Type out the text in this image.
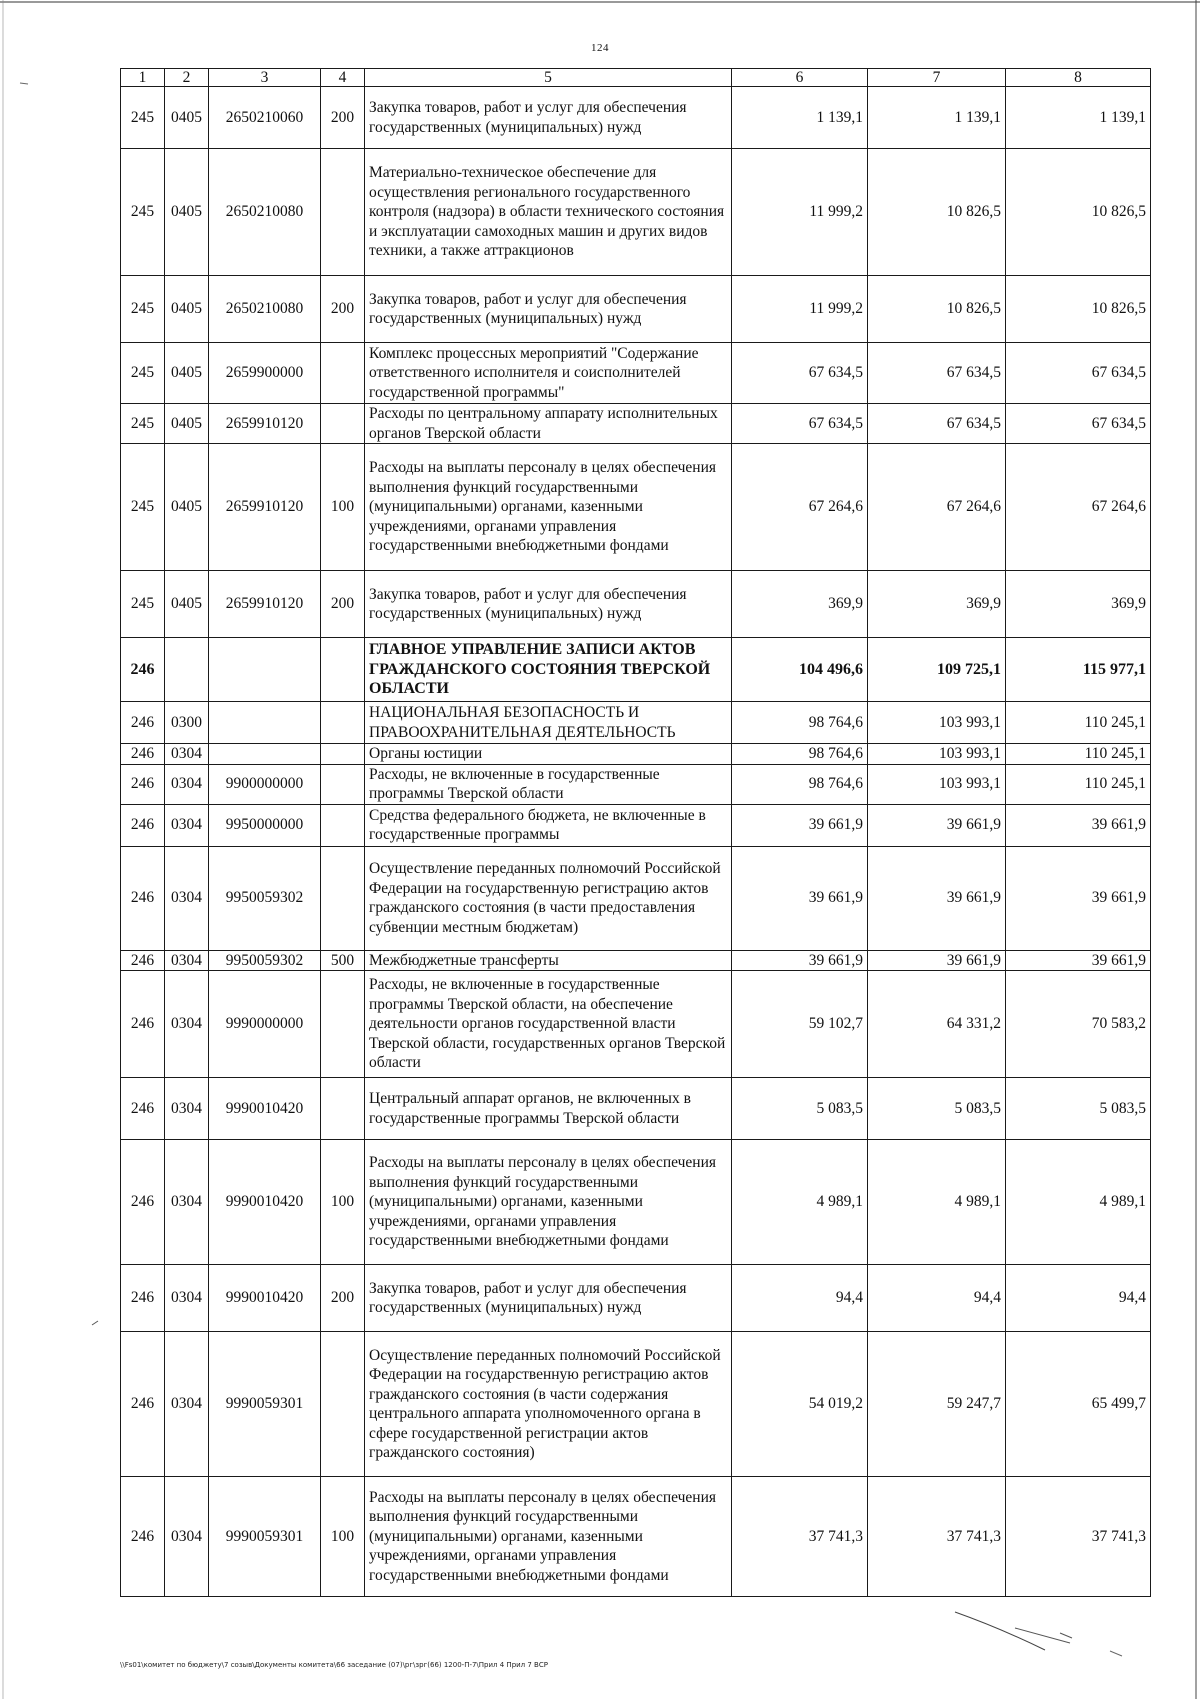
124
1	2	3	4	5	6	7	8
245	0405	2650210060	200	Закупка товаров, работ и услуг для обеспечения государственных (муниципальных) нужд	1 139,1	1 139,1	1 139,1
245	0405	2650210080		Материально-техническое обеспечение для осуществления регионального государственного контроля (надзора) в области технического состояния и эксплуатации самоходных машин и других видов техники, а также аттракционов	11 999,2	10 826,5	10 826,5
245	0405	2650210080	200	Закупка товаров, работ и услуг для обеспечения государственных (муниципальных) нужд	11 999,2	10 826,5	10 826,5
245	0405	2659900000		Комплекс процессных мероприятий "Содержание ответственного исполнителя и соисполнителей государственной программы"	67 634,5	67 634,5	67 634,5
245	0405	2659910120		Расходы по центральному аппарату исполнительных органов Тверской области	67 634,5	67 634,5	67 634,5
245	0405	2659910120	100	Расходы на выплаты персоналу в целях обеспечения выполнения функций государственными (муниципальными) органами, казенными учреждениями, органами управления государственными внебюджетными фондами	67 264,6	67 264,6	67 264,6
245	0405	2659910120	200	Закупка товаров, работ и услуг для обеспечения государственных (муниципальных) нужд	369,9	369,9	369,9
246				ГЛАВНОЕ УПРАВЛЕНИЕ ЗАПИСИ АКТОВ ГРАЖДАНСКОГО СОСТОЯНИЯ ТВЕРСКОЙ ОБЛАСТИ	104 496,6	109 725,1	115 977,1
246	0300			НАЦИОНАЛЬНАЯ БЕЗОПАСНОСТЬ И ПРАВООХРАНИТЕЛЬНАЯ ДЕЯТЕЛЬНОСТЬ	98 764,6	103 993,1	110 245,1
246	0304			Органы юстиции	98 764,6	103 993,1	110 245,1
246	0304	9900000000		Расходы, не включенные в государственные программы Тверской области	98 764,6	103 993,1	110 245,1
246	0304	9950000000		Средства федерального бюджета, не включенные в государственные программы	39 661,9	39 661,9	39 661,9
246	0304	9950059302		Осуществление переданных полномочий Российской Федерации на государственную регистрацию актов гражданского состояния (в части предоставления субвенции местным бюджетам)	39 661,9	39 661,9	39 661,9
246	0304	9950059302	500	Межбюджетные трансферты	39 661,9	39 661,9	39 661,9
246	0304	9990000000		Расходы, не включенные в государственные программы Тверской области, на обеспечение деятельности органов государственной власти Тверской области, государственных органов Тверской области	59 102,7	64 331,2	70 583,2
246	0304	9990010420		Центральный аппарат органов, не включенных в государственные программы Тверской области	5 083,5	5 083,5	5 083,5
246	0304	9990010420	100	Расходы на выплаты персоналу в целях обеспечения выполнения функций государственными (муниципальными) органами, казенными учреждениями, органами управления государственными внебюджетными фондами	4 989,1	4 989,1	4 989,1
246	0304	9990010420	200	Закупка товаров, работ и услуг для обеспечения государственных (муниципальных) нужд	94,4	94,4	94,4
246	0304	9990059301		Осуществление переданных полномочий Российской Федерации на государственную регистрацию актов гражданского состояния (в части содержания центрального аппарата уполномоченного органа в сфере государственной регистрации актов гражданского состояния)	54 019,2	59 247,7	65 499,7
246	0304	9990059301	100	Расходы на выплаты персоналу в целях обеспечения выполнения функций государственными (муниципальными) органами, казенными учреждениями, органами управления государственными внебюджетными фондами	37 741,3	37 741,3	37 741,3
\\Fs01\комитет по бюджету\7 созыв\Документы комитета\66 заседание (07)\рг\зрг(66) 1200-П-7\Прил 4 Прил 7 ВСР
